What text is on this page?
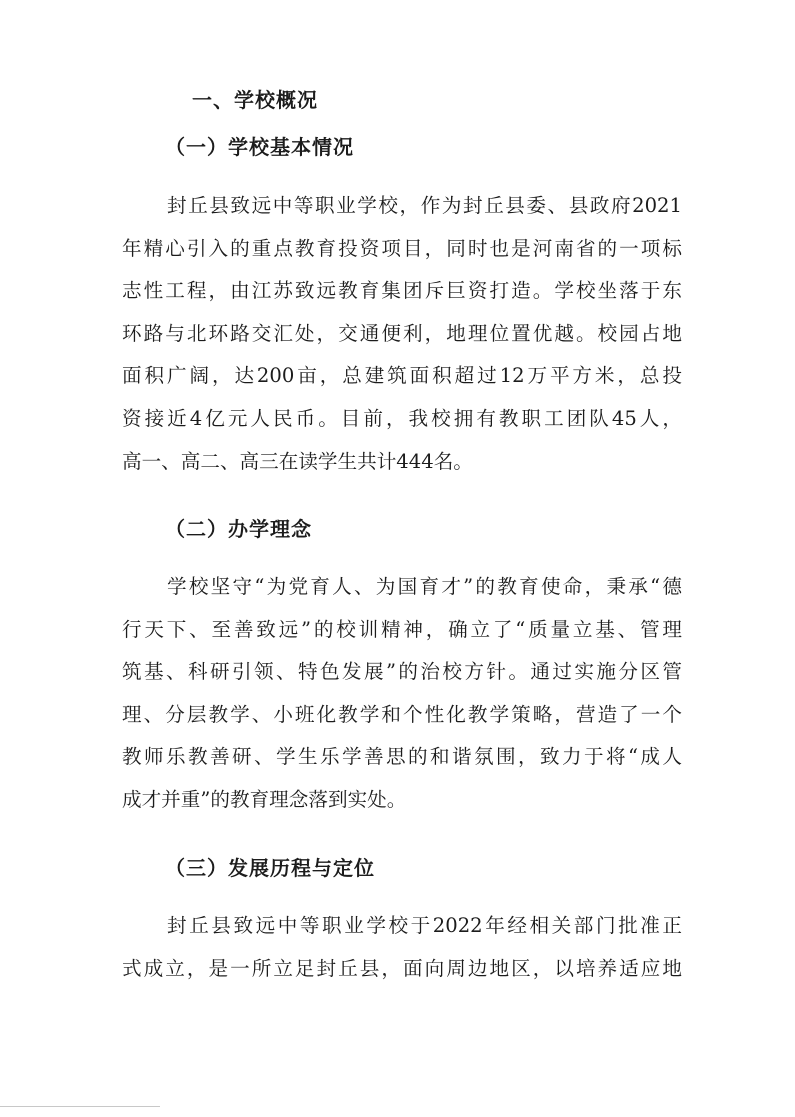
一、学校概况
（一）学校基本情况
封丘县致远中等职业学校，作为封丘县委、县政府2021
年精心引入的重点教育投资项目，同时也是河南省的一项标
志性工程，由江苏致远教育集团斥巨资打造。学校坐落于东
环路与北环路交汇处，交通便利，地理位置优越。校园占地
面积广阔，达200亩，总建筑面积超过12万平方米，总投
资接近4亿元人民币。目前，我校拥有教职工团队45人，
高一、高二、高三在读学生共计444名。
（二）办学理念
学校坚守“为党育人、为国育才”的教育使命，秉承“德
行天下、至善致远”的校训精神，确立了“质量立基、管理
筑基、科研引领、特色发展”的治校方针。通过实施分区管
理、分层教学、小班化教学和个性化教学策略，营造了一个
教师乐教善研、学生乐学善思的和谐氛围，致力于将“成人
成才并重”的教育理念落到实处。
（三）发展历程与定位
封丘县致远中等职业学校于2022年经相关部门批准正
式成立，是一所立足封丘县，面向周边地区，以培养适应地
